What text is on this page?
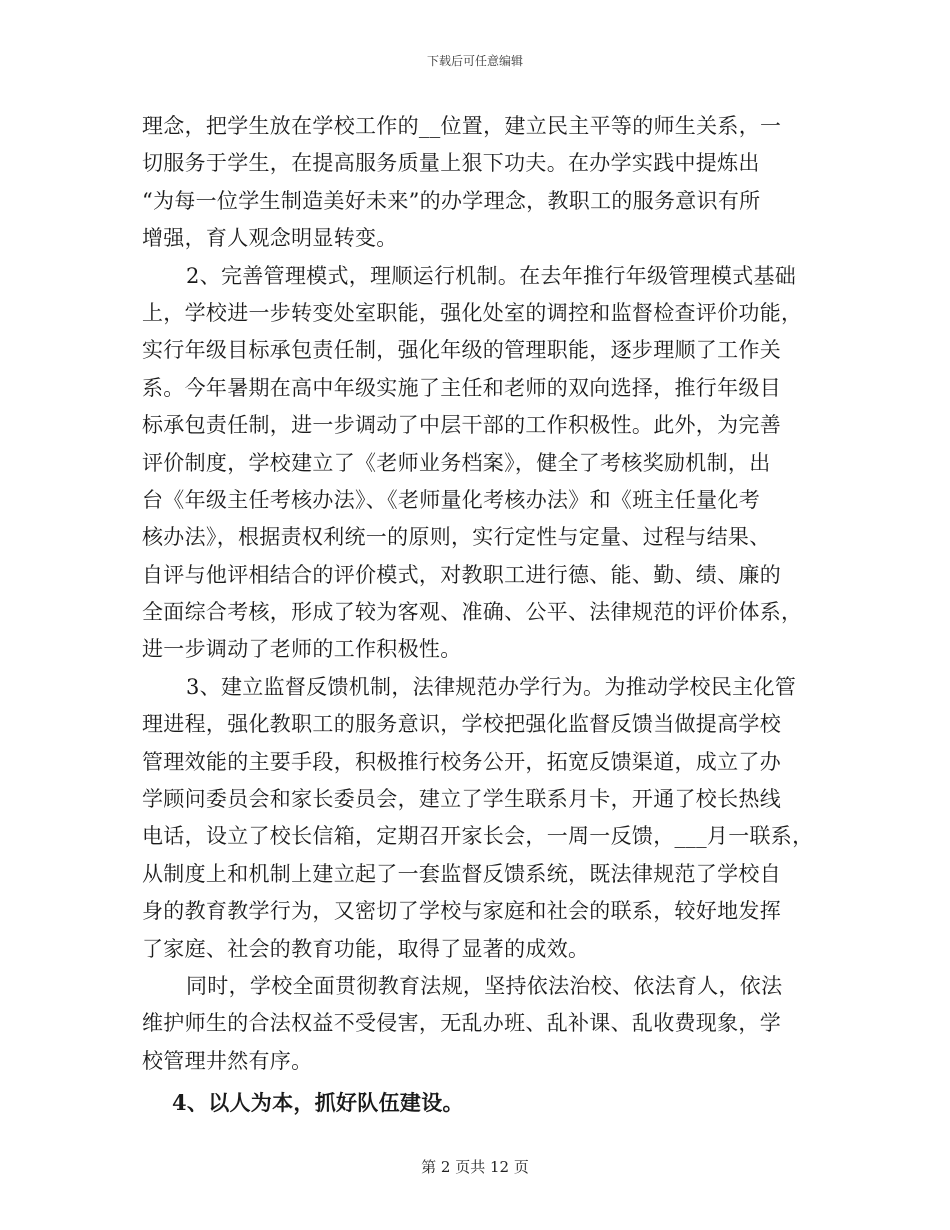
下载后可任意编辑
理念，把学生放在学校工作的__位置，建立民主平等的师生关系，一
切服务于学生，在提高服务质量上狠下功夫。在办学实践中提炼出
“为每一位学生制造美好未来”的办学理念，教职工的服务意识有所
增强，育人观念明显转变。
2、完善管理模式，理顺运行机制。在去年推行年级管理模式基础
上，学校进一步转变处室职能，强化处室的调控和监督检查评价功能，
实行年级目标承包责任制，强化年级的管理职能，逐步理顺了工作关
系。今年暑期在高中年级实施了主任和老师的双向选择，推行年级目
标承包责任制，进一步调动了中层干部的工作积极性。此外，为完善
评价制度，学校建立了《老师业务档案》，健全了考核奖励机制，出
台《年级主任考核办法》、《老师量化考核办法》和《班主任量化考
核办法》，根据责权利统一的原则，实行定性与定量、过程与结果、
自评与他评相结合的评价模式，对教职工进行德、能、勤、绩、廉的
全面综合考核，形成了较为客观、准确、公平、法律规范的评价体系，
进一步调动了老师的工作积极性。
3、建立监督反馈机制，法律规范办学行为。为推动学校民主化管
理进程，强化教职工的服务意识，学校把强化监督反馈当做提高学校
管理效能的主要手段，积极推行校务公开，拓宽反馈渠道，成立了办
学顾问委员会和家长委员会，建立了学生联系月卡，开通了校长热线
电话，设立了校长信箱，定期召开家长会，一周一反馈，___月一联系，
从制度上和机制上建立起了一套监督反馈系统，既法律规范了学校自
身的教育教学行为，又密切了学校与家庭和社会的联系，较好地发挥
了家庭、社会的教育功能，取得了显著的成效。
同时，学校全面贯彻教育法规，坚持依法治校、依法育人，依法
维护师生的合法权益不受侵害，无乱办班、乱补课、乱收费现象，学
校管理井然有序。
4、以人为本，抓好队伍建设。
第 2 页共 12 页
